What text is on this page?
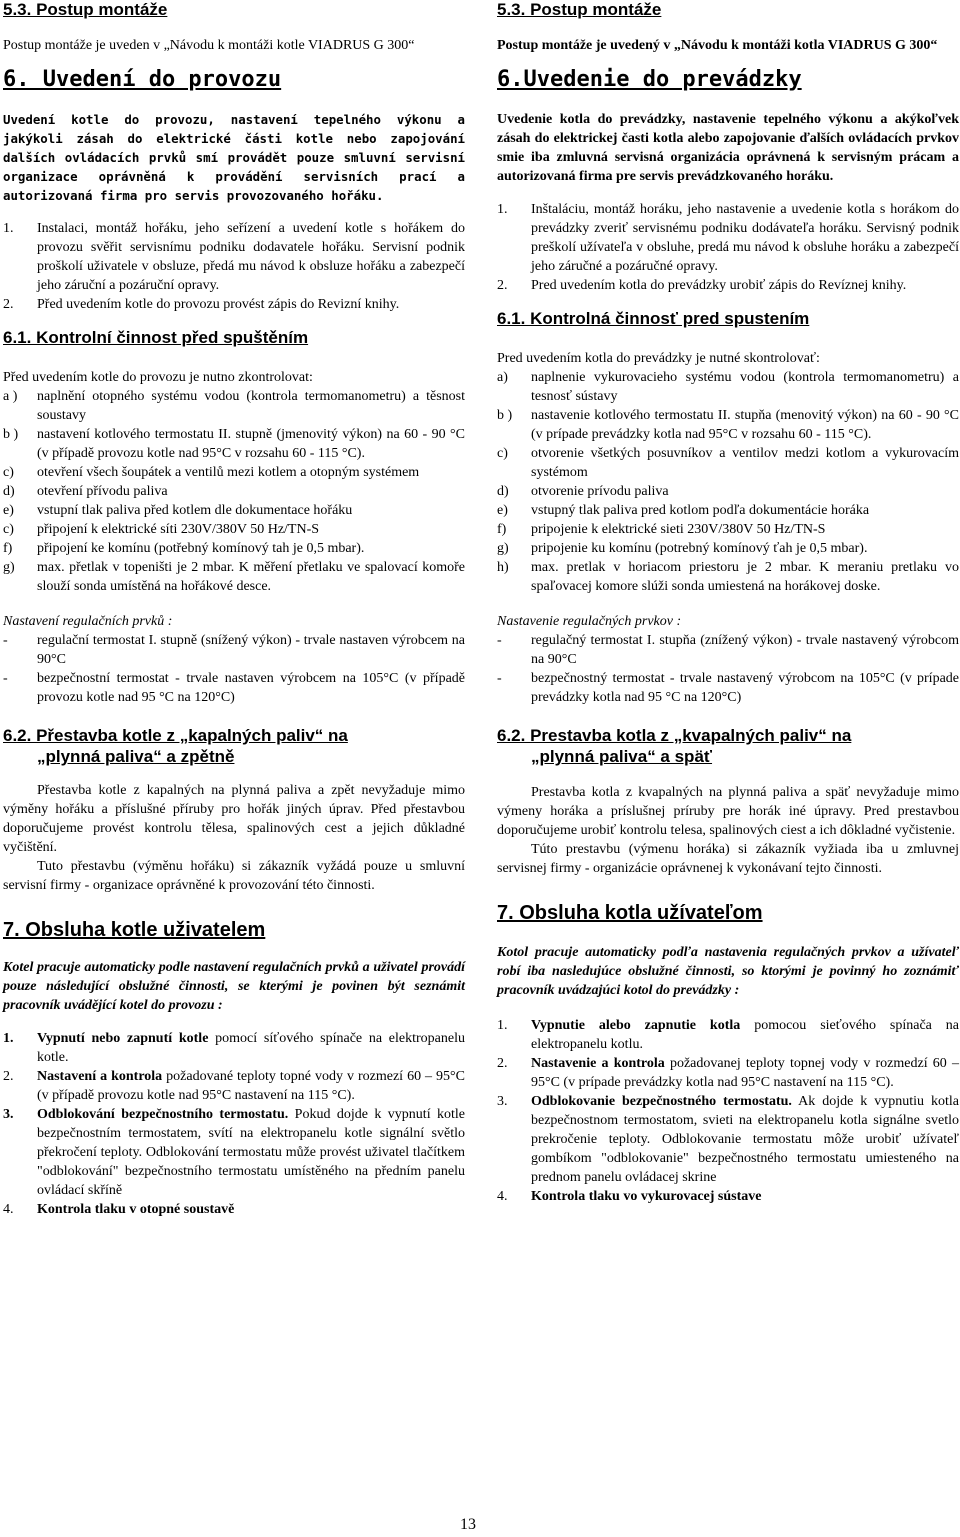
5.3. Postup montáže

Postup montáže je uveden v „Návodu k montáži kotle VIADRUS G 300“

6. Uvedení do provozu

Uvedení kotle do provozu, nastavení tepelného výkonu a jakýkoli zásah do elektrické části kotle nebo zapojování dalších ovládacích prvků smí provádět pouze smluvní servisní organizace oprávněná k provádění servisních prací a autorizovaná firma pro servis provozovaného hořáku.

1.	Instalaci, montáž hořáku, jeho seřízení a uvedení kotle s hořákem do provozu svěřit servisnímu podniku dodavatele hořáku. Servisní podnik proškolí uživatele v obsluze, předá mu návod k obsluze hořáku a zabezpečí jeho záruční a pozáruční opravy.
2.	Před uvedením kotle do provozu provést zápis do Revizní knihy.
6.1. Kontrolní činnost před spuštěním

Před uvedením kotle do provozu je nutno zkontrolovat:

a )	naplnění otopného systému vodou (kontrola termomanometru) a těsnost soustavy
b )	nastavení kotlového termostatu II. stupně (jmenovitý výkon) na 60 - 90 °C (v případě provozu kotle nad 95°C v rozsahu 60 - 115 °C).
c)	otevření všech šoupátek a ventilů mezi kotlem a otopným systémem
d)	otevření přívodu paliva
e)	vstupní tlak paliva před kotlem dle dokumentace hořáku
c)	připojení k elektrické síti 230V/380V 50 Hz/TN-S
f)	připojení ke komínu (potřebný komínový tah je 0,5 mbar).
g)	max. přetlak v topeništi je 2 mbar. K měření přetlaku ve spalovací komoře slouží sonda umístěná na hořákové desce.

Nastavení regulačních prvků :

-	regulační termostat I. stupně (snížený výkon) - trvale nastaven výrobcem na 90°C
-	bezpečnostní termostat - trvale nastaven výrobcem na 105°C (v případě provozu kotle nad 95 °C na 120°C)
6.2. Přestavba kotle z „kapalných paliv“ na
„plynná paliva“ a zpětně

Přestavba kotle z kapalných na plynná paliva a zpět nevyžaduje mimo výměny hořáku a příslušné příruby pro hořák jiných úprav. Před přestavbou doporučujeme provést kontrolu tělesa, spalinových cest a jejich důkladné vyčištění.

Tuto přestavbu (výměnu hořáku) si zákazník vyžádá pouze u smluvní servisní firmy - organizace oprávněné k provozování této činnosti.

7. Obsluha kotle uživatelem

Kotel pracuje automaticky podle nastavení regulačních prvků a uživatel provádí pouze následující obslužné činnosti, se kterými je povinen být seznámit pracovník uvádějící kotel do provozu :

1.	Vypnutí nebo zapnutí kotle pomocí síťového spínače na elektropanelu kotle.
2.	Nastavení a kontrola požadované teploty topné vody v rozmezí 60 – 95°C (v případě provozu kotle nad 95°C nastavení na 115 °C).
3.	Odblokování bezpečnostního termostatu. Pokud dojde k vypnutí kotle bezpečnostním termostatem, svítí na elektropanelu kotle signální světlo překročení teploty. Odblokování termostatu může provést uživatel tlačítkem "odblokování" bezpečnostního termostatu umístěného na předním panelu ovládací skříně
4.	Kontrola tlaku v otopné soustavě
5.3. Postup montáže

Postup montáže je uvedený v „Návodu k montáži kotla VIADRUS G 300“

6.Uvedenie do prevádzky

Uvedenie kotla do prevádzky, nastavenie tepelného výkonu a akýkoľvek zásah do elektrickej časti kotla alebo zapojovanie ďalších ovládacích prvkov smie iba zmluvná servisná organizácia oprávnená k servisným prácam a autorizovaná firma pre servis prevádzkovaného horáku.

1.	Inštaláciu, montáž horáku, jeho nastavenie a uvedenie kotla s horákom do prevádzky zveriť servisnému podniku dodávateľa horáku. Servisný podnik preškolí užívateľa v obsluhe, predá mu návod k obsluhe horáku a zabezpečí jeho záručné a pozáručné opravy.
2.	Pred uvedením kotla do prevádzky urobiť zápis do Revíznej knihy.
6.1. Kontrolná činnosť pred spustením

Pred uvedením kotla do prevádzky je nutné skontrolovať:

a)	naplnenie vykurovacieho systému vodou (kontrola termomanometru) a tesnosť sústavy
b )	nastavenie kotlového termostatu II. stupňa (menovitý výkon) na 60 - 90 °C (v prípade prevádzky kotla nad 95°C v rozsahu 60 - 115 °C).
c)	otvorenie všetkých posuvníkov a ventilov medzi kotlom a vykurovacím systémom
d)	otvorenie prívodu paliva
e)	vstupný tlak paliva pred kotlom podľa dokumentácie horáka
f)	pripojenie k elektrické sieti 230V/380V 50 Hz/TN-S
g)	pripojenie ku komínu (potrebný komínový ťah je 0,5 mbar).
h)	max. pretlak v horiacom priestoru je 2 mbar. K meraniu pretlaku vo spaľovacej komore slúži sonda umiestená na horákovej doske.

Nastavenie regulačných prvkov :

-	regulačný termostat I. stupňa (znížený výkon) - trvale nastavený výrobcom na 90°C
-	bezpečnostný termostat - trvale nastavený výrobcom na 105°C (v prípade prevádzky kotla nad 95 °C na 120°C)
6.2. Prestavba kotla z „kvapalných paliv“ na
„plynná paliva“ a späť

Prestavba kotla z kvapalných na plynná paliva a späť nevyžaduje mimo výmeny horáka a príslušnej príruby pre horák iné úpravy. Pred prestavbou doporučujeme urobiť kontrolu telesa, spalinových ciest a ich dôkladné vyčistenie.

Túto prestavbu (výmenu horáka) si zákazník vyžiada iba u zmluvnej servisnej firmy - organizácie oprávnenej k vykonávaní tejto činnosti.

7. Obsluha kotla užívateľom

Kotol pracuje automaticky podľa nastavenia regulačných prvkov a užívateľ robí iba nasledujúce obslužné činnosti, so ktorými je povinný ho zoznámiť pracovník uvádzajúci kotol do prevádzky :

1.	Vypnutie alebo zapnutie kotla pomocou sieťového spínača na elektropanelu kotlu.
2.	Nastavenie a kontrola požadovanej teploty topnej vody v rozmedzí 60 – 95°C (v prípade prevádzky kotla nad 95°C nastavení na 115 °C).
3.	Odblokovanie bezpečnostného termostatu. Ak dojde k vypnutiu kotla bezpečnostnom termostatom, svieti na elektropanelu kotla signálne svetlo prekročenie teploty. Odblokovanie termostatu môže urobiť užívateľ gombíkom "odblokovanie" bezpečnostného termostatu umiesteného na prednom panelu ovládacej skrine
4.	Kontrola tlaku vo vykurovacej sústave
13
